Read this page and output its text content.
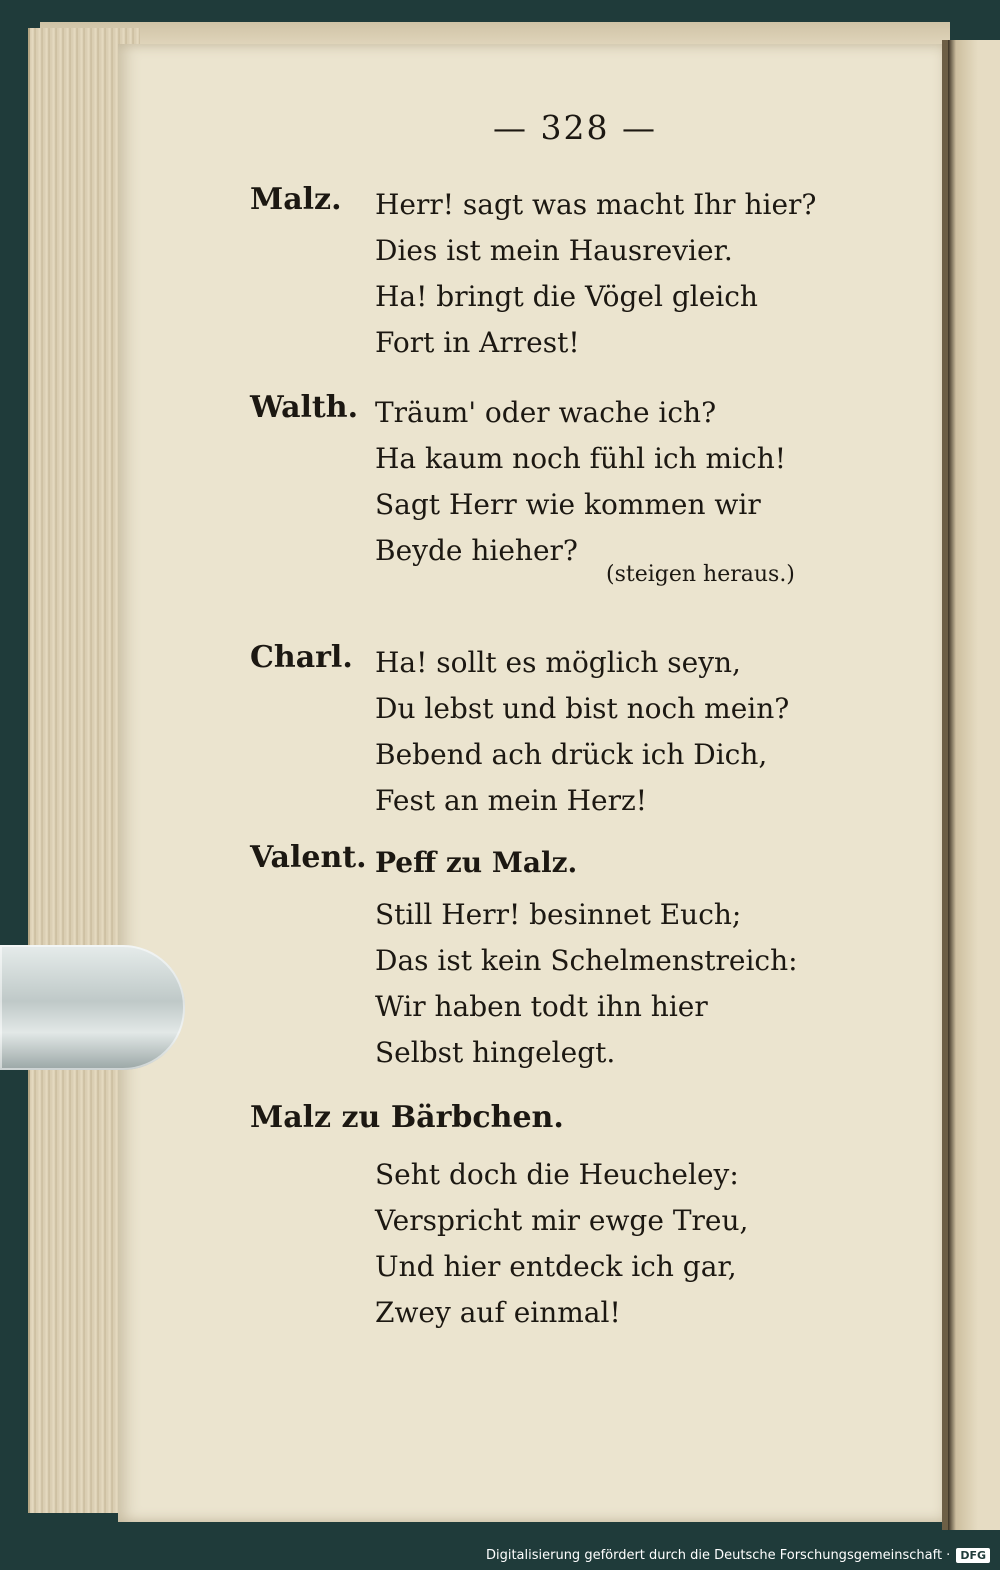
— 328 —
Malz. Herr! sagt was macht Ihr hier?
Dies ist mein Hausrevier.
Ha! bringt die Vögel gleich
Fort in Arrest!
Walth. Träum' oder wache ich?
Ha kaum noch fühl ich mich!
Sagt Herr wie kommen wir
Beyde hieher?
(steigen heraus.)
Charl. Ha! sollt es möglich seyn,
Du lebst und bist noch mein?
Bebend ach drück ich Dich,
Fest an mein Herz!
Valent. Peff zu Malz.
Still Herr! besinnet Euch;
Das ist kein Schelmenstreich:
Wir haben todt ihn hier
Selbst hingelegt.
Malz zu Bärbchen.
Seht doch die Heucheley:
Verspricht mir ewge Treu,
Und hier entdeck ich gar,
Zwey auf einmal!
Digitalisierung gefördert durch die Deutsche Forschungsgemeinschaft · DFG
